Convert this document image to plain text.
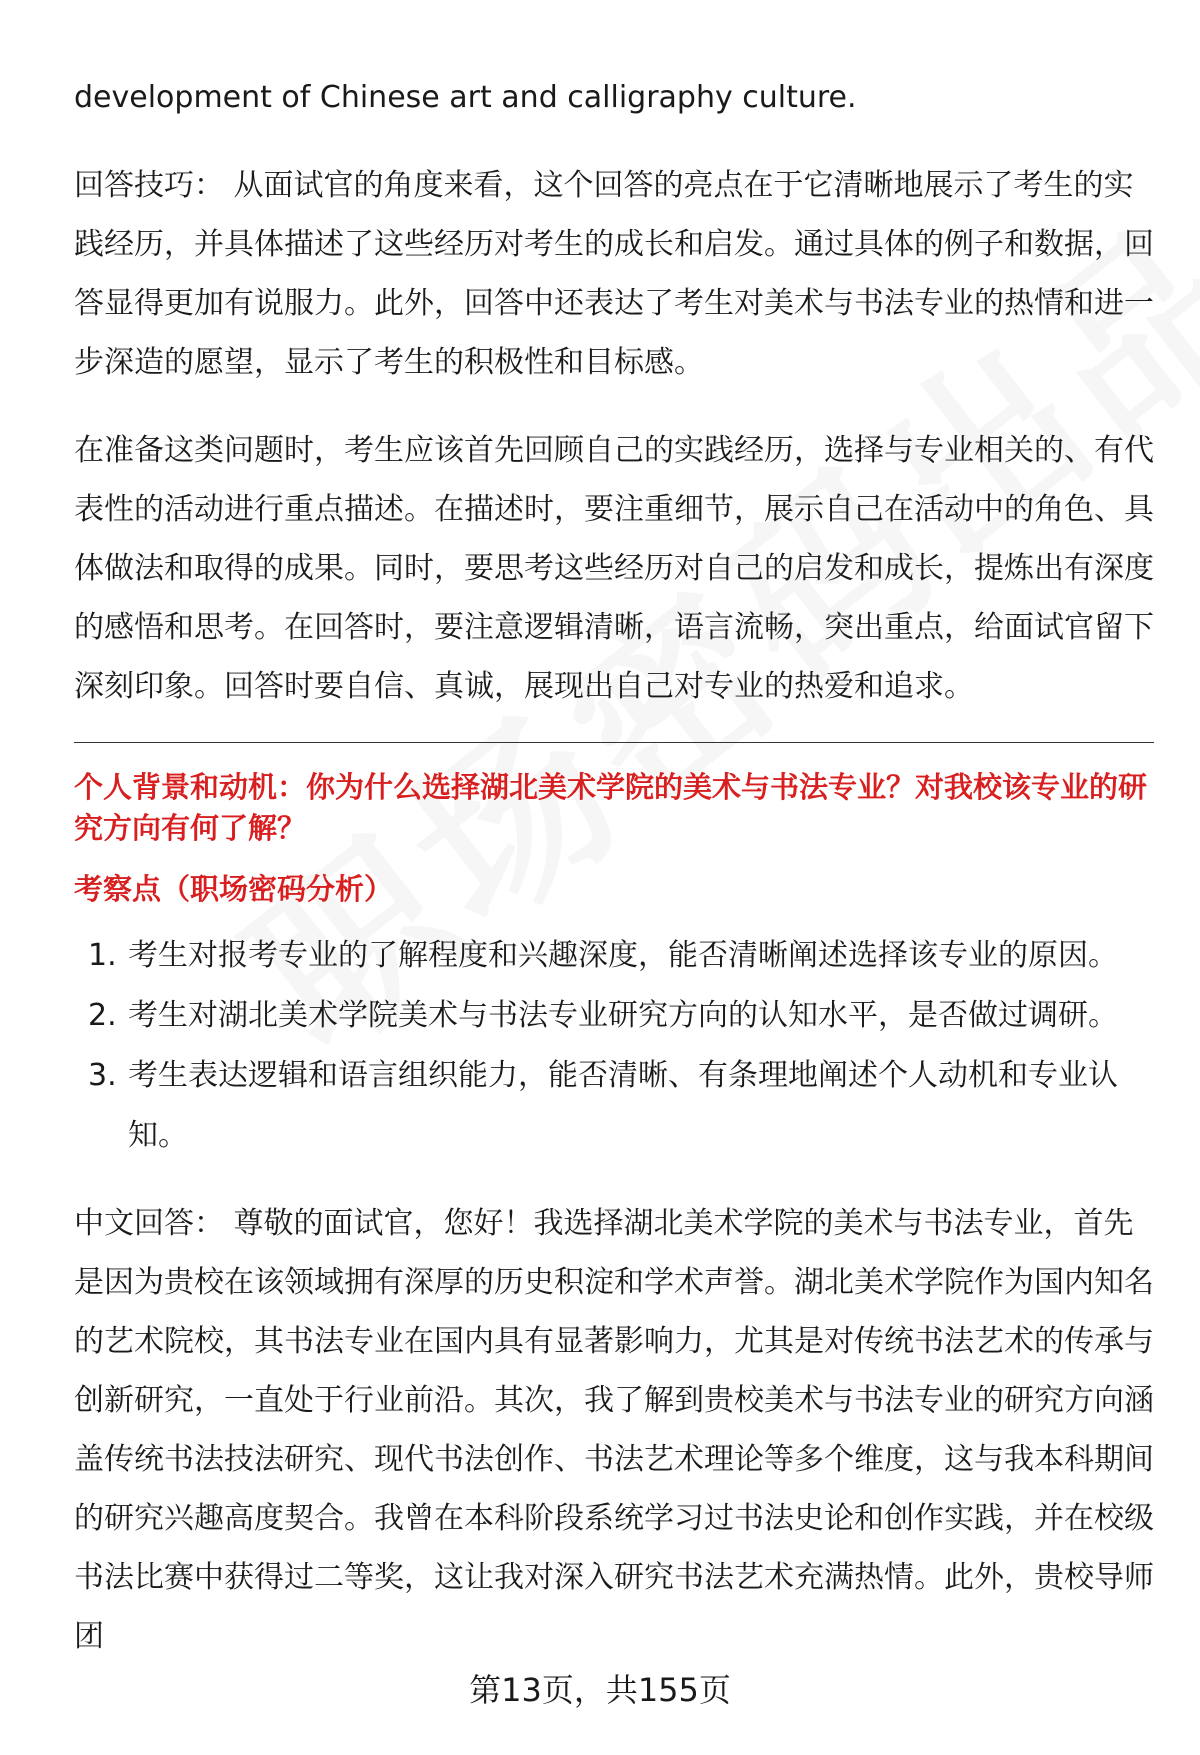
development of Chinese art and calligraphy culture.

回答技巧： 从面试官的角度来看，这个回答的亮点在于它清晰地展示了考生的实践经历，并具体描述了这些经历对考生的成长和启发。通过具体的例子和数据，回答显得更加有说服力。此外，回答中还表达了考生对美术与书法专业的热情和进一步深造的愿望，显示了考生的积极性和目标感。

在准备这类问题时，考生应该首先回顾自己的实践经历，选择与专业相关的、有代表性的活动进行重点描述。在描述时，要注重细节，展示自己在活动中的角色、具体做法和取得的成果。同时，要思考这些经历对自己的启发和成长，提炼出有深度的感悟和思考。在回答时，要注意逻辑清晰，语言流畅，突出重点，给面试官留下深刻印象。回答时要自信、真诚，展现出自己对专业的热爱和追求。

个人背景和动机：你为什么选择湖北美术学院的美术与书法专业？对我校该专业的研究方向有何了解？
考察点（职场密码分析）
1. 考生对报考专业的了解程度和兴趣深度，能否清晰阐述选择该专业的原因。
2. 考生对湖北美术学院美术与书法专业研究方向的认知水平，是否做过调研。
3. 考生表达逻辑和语言组织能力，能否清晰、有条理地阐述个人动机和专业认知。

中文回答： 尊敬的面试官，您好！我选择湖北美术学院的美术与书法专业，首先是因为贵校在该领域拥有深厚的历史积淀和学术声誉。湖北美术学院作为国内知名的艺术院校，其书法专业在国内具有显著影响力，尤其是对传统书法艺术的传承与创新研究，一直处于行业前沿。其次，我了解到贵校美术与书法专业的研究方向涵盖传统书法技法研究、现代书法创作、书法艺术理论等多个维度，这与我本科期间的研究兴趣高度契合。我曾在本科阶段系统学习过书法史论和创作实践，并在校级书法比赛中获得过二等奖，这让我对深入研究书法艺术充满热情。此外，贵校导师团

第13页，共155页
